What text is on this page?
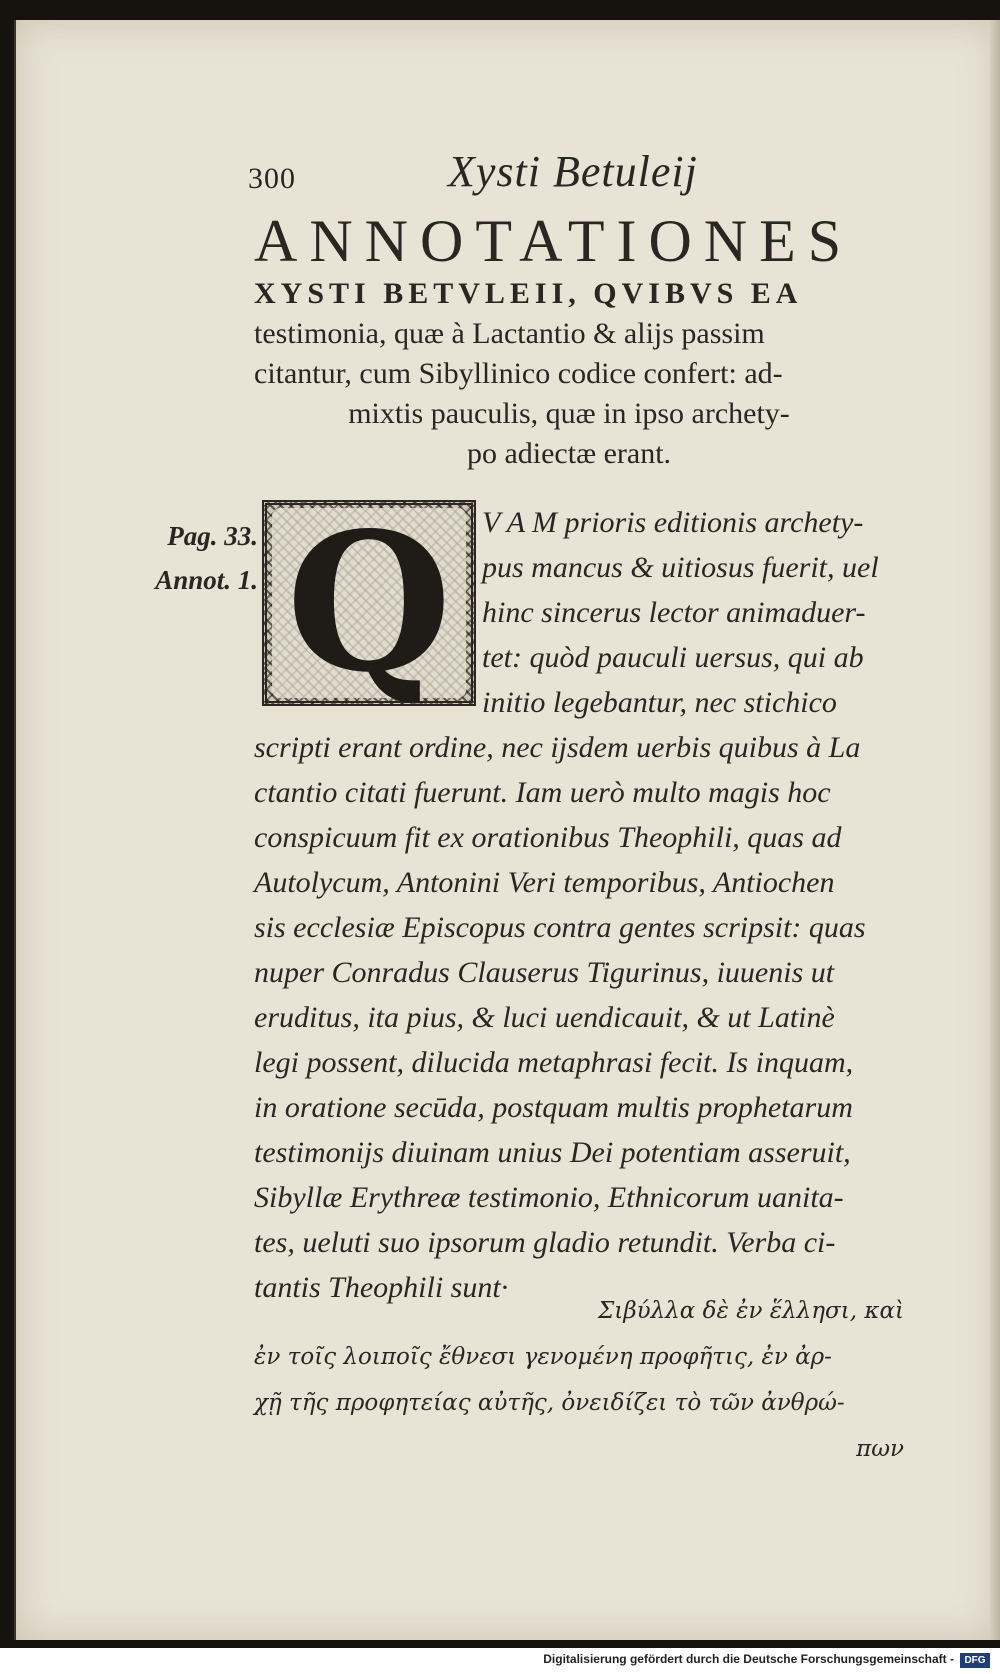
300	Xysti Betuleij
ANNOTATIONES
XYSTI BETVLEII, QVIBVS EA
testimonia, quæ à Lactantio & alijs passim
citantur, cum Sibyllinico codice confert: ad-
mixtis pauculis, quæ in ipso archety-
po adiectæ erant.
Pag. 33.
Annot. 1. Q	V A M prioris editionis archety-
pus mancus & uitiosus fuerit, uel
hinc sincerus lector animaduer-
tet: quòd pauculi uersus, qui ab
initio legebantur, nec stichico
scripti erant ordine, nec ijsdem uerbis quibus à La
ctantio citati fuerunt. Iam uerò multo magis hoc
conspicuum fit ex orationibus Theophili, quas ad
Autolycum, Antonini Veri temporibus, Antiochen
sis ecclesiæ Episcopus contra gentes scripsit: quas
nuper Conradus Clauserus Tigurinus, iuuenis ut
eruditus, ita pius, & luci uendicauit, & ut Latinè
legi possent, dilucida metaphrasi fecit. Is inquam,
in oratione secūda, postquam multis prophetarum
testimonijs diuinam unius Dei potentiam asseruit,
Sibyllæ Erythreæ testimonio, Ethnicorum uanita-
tes, ueluti suo ipsorum gladio retundit. Verba ci-
tantis Theophili sunt·
Σιβύλλα δὲ ἐν ἕλλησι, καὶ
ἐν τοῖς λοιποῖς ἔθνεσι γενομένη προφῆτις, ἐν ἀρ-
χῇ τῆς προφητείας αὐτῆς, ὀνειδίζει τὸ τῶν ἀνθρώ-
πων
Digitalisierung gefördert durch die Deutsche Forschungsgemeinschaft -	DFG
